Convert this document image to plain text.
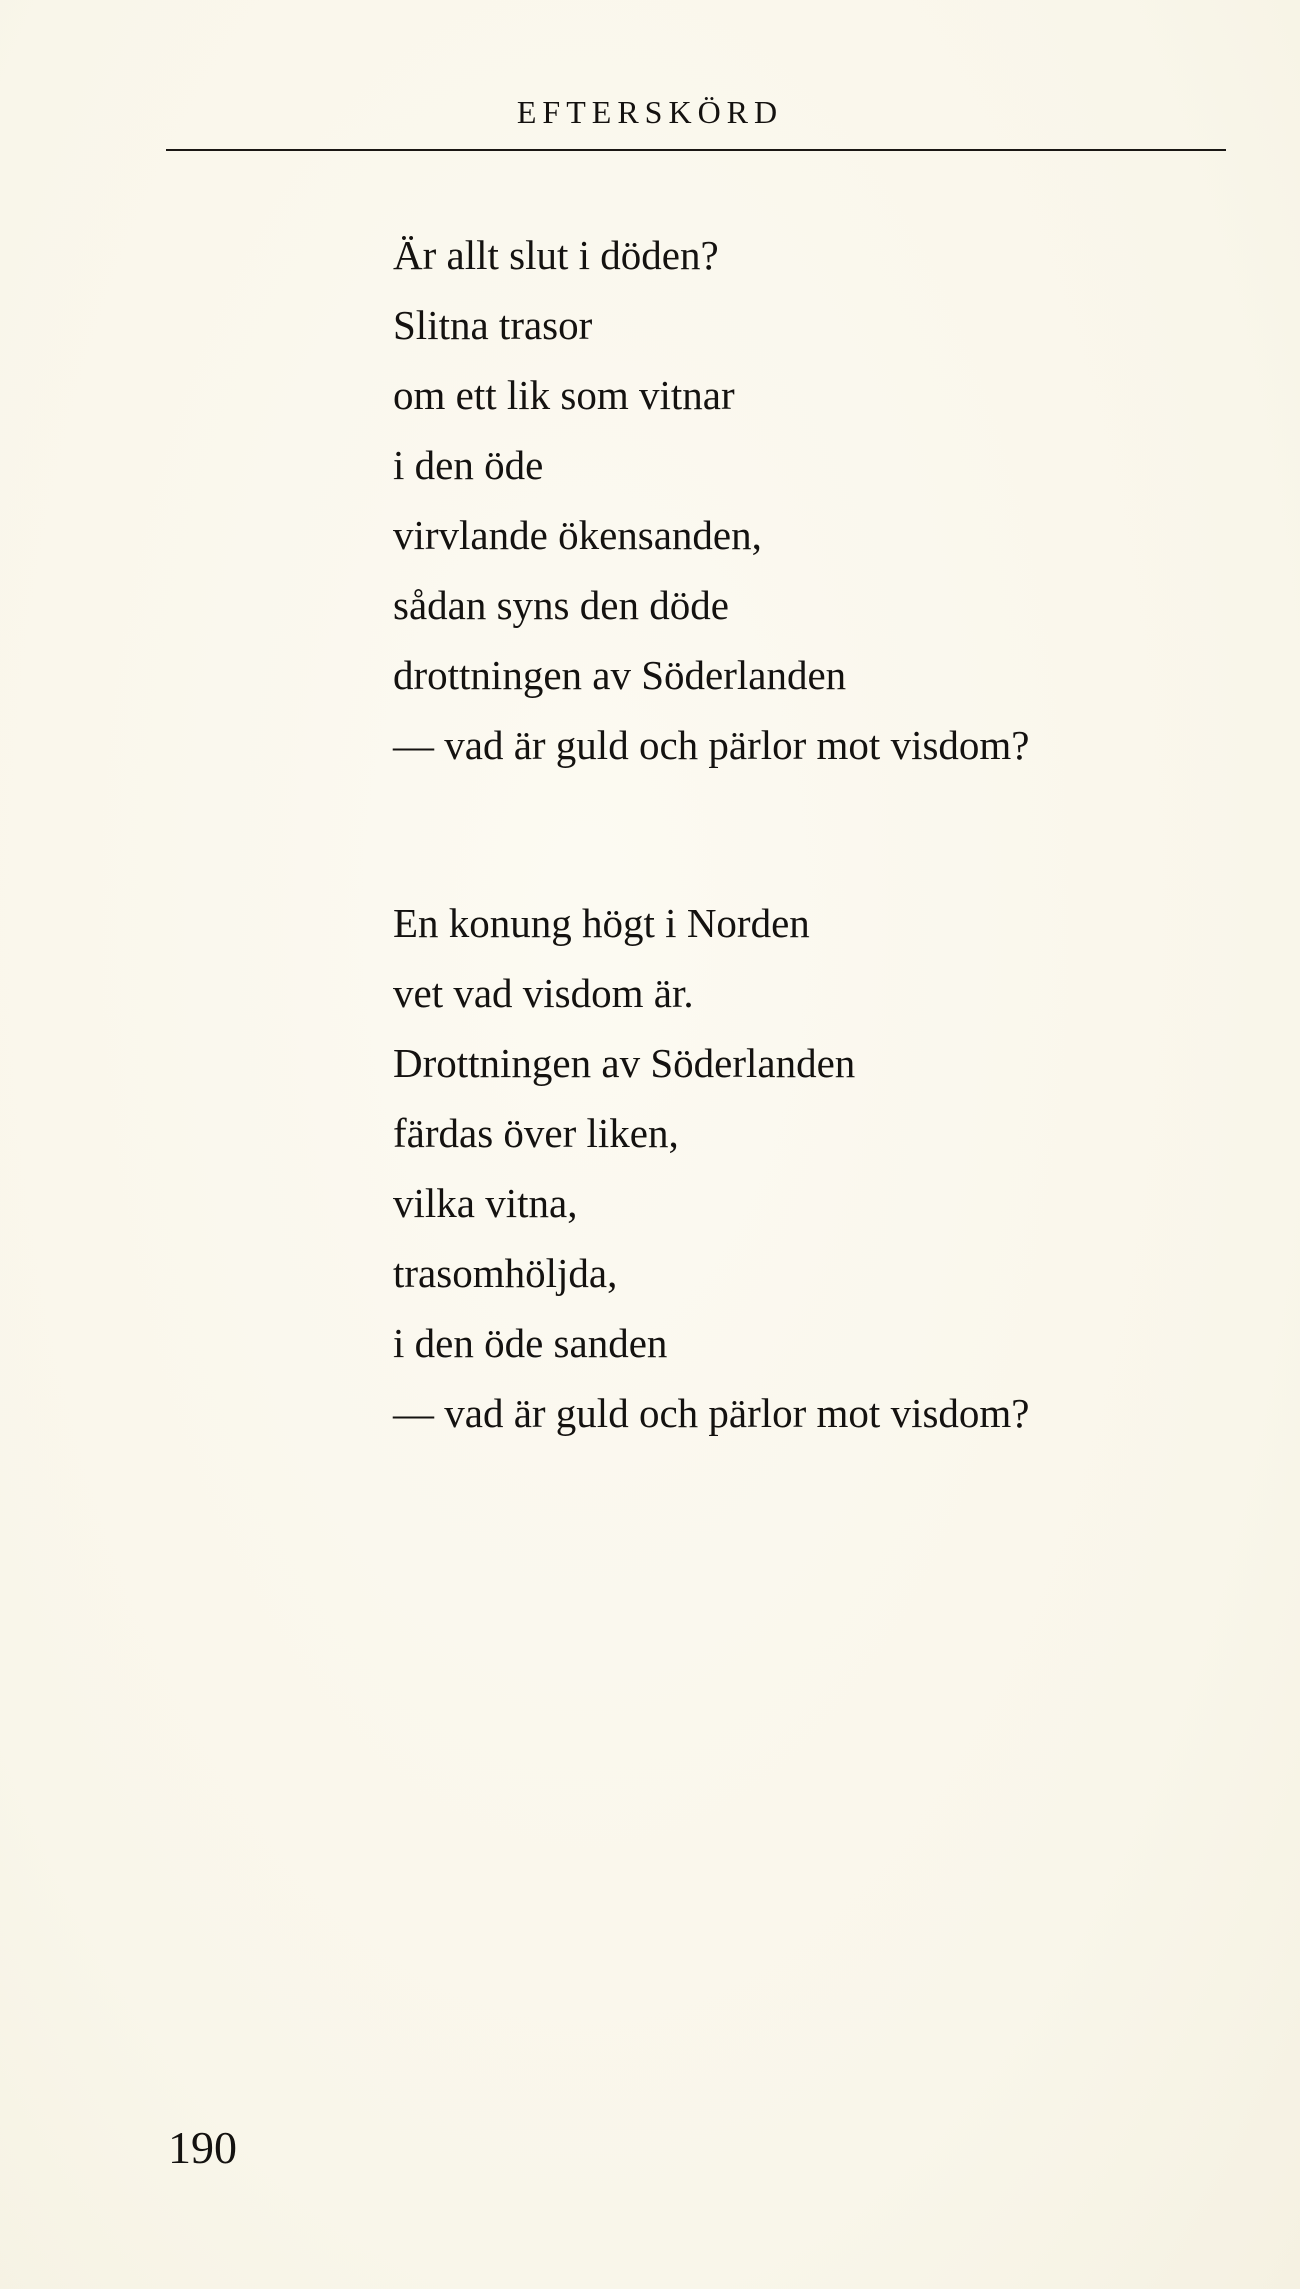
EFTERSKÖRD
Är allt slut i döden?
Slitna trasor
om ett lik som vitnar
i den öde
virvlande ökensanden,
sådan syns den döde
drottningen av Söderlanden
— vad är guld och pärlor mot visdom?
En konung högt i Norden
vet vad visdom är.
Drottningen av Söderlanden
färdas över liken,
vilka vitna,
trasomhöljda,
i den öde sanden
— vad är guld och pärlor mot visdom?
190
